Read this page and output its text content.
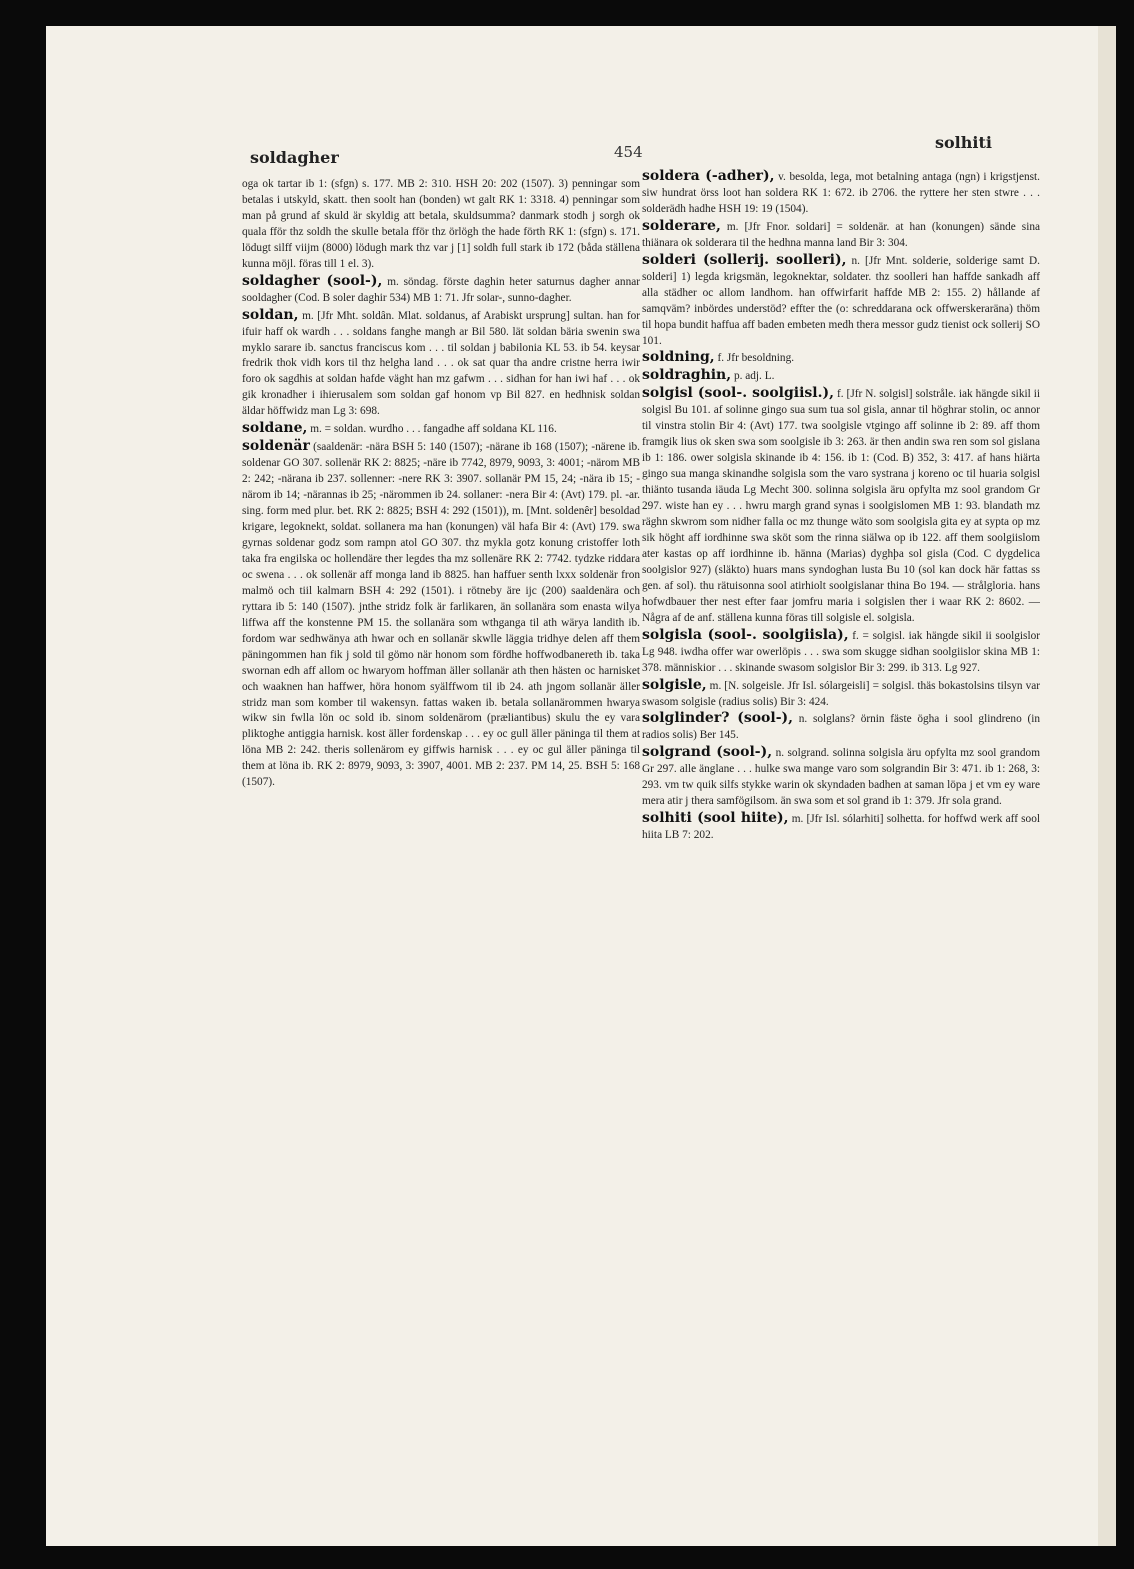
soldagher	454	solhiti

oga ok tartar ib 1: (sfgn) s. 177. MB 2: 310. HSH 20: 202 (1507). 3) penningar som betalas i utskyld, skatt. then soolt han (bonden) wt galt RK 1: 3318. 4) penningar som man på grund af skuld är skyldig att betala, skuldsumma? danmark stodh j sorgh ok quala fför thz soldh the skulle betala fför thz örlögh the hade förth RK 1: (sfgn) s. 171. lödugt silff viijm (8000) lödugh mark thz var j [1] soldh full stark ib 172 (båda ställena kunna möjl. föras till 1 el. 3).

soldagher (sool-), m. söndag. förste daghin heter saturnus dagher annar sooldagher (Cod. B soler daghir 534) MB 1: 71. Jfr solar-, sunno-dagher.

soldan, m. [Jfr Mht. soldân. Mlat. soldanus, af Arabiskt ursprung] sultan. han for ifuir haff ok wardh . . . soldans fanghe mangh ar Bil 580. lät soldan bäria swenin swa myklo sarare ib. sanctus franciscus kom . . . til soldan j babilonia KL 53. ib 54. keysar fredrik thok vidh kors til thz helgha land . . . ok sat quar tha andre cristne herra iwir foro ok sagdhis at soldan hafde väght han mz gafwm . . . sidhan for han iwi haf . . . ok gik kronadher i ihierusalem som soldan gaf honom vp Bil 827. en hedhnisk soldan äldar höffwidz man Lg 3: 698.

soldane, m. = soldan. wurdho . . . fangadhe aff soldana KL 116.

soldenär (saaldenär: -nära BSH 5: 140 (1507); -närane ib 168 (1507); -närene ib. soldenar GO 307. sollenär RK 2: 8825; -näre ib 7742, 8979, 9093, 3: 4001; -närom MB 2: 242; -närana ib 237. sollenner: -nere RK 3: 3907. sollanär PM 15, 24; -nära ib 15; -närom ib 14; -närannas ib 25; -närommen ib 24. sollaner: -nera Bir 4: (Avt) 179. pl. -ar. sing. form med plur. bet. RK 2: 8825; BSH 4: 292 (1501)), m. [Mnt. soldenêr] besoldad krigare, legoknekt, soldat. sollanera ma han (konungen) väl hafa Bir 4: (Avt) 179. swa gyrnas soldenar godz som rampn atol GO 307. thz mykla gotz konung cristoffer loth taka fra engilska oc hollendäre ther legdes tha mz sollenäre RK 2: 7742. tydzke riddara oc swena . . . ok sollenär aff monga land ib 8825. han haffuer senth lxxx soldenär fron malmö och tiil kalmarn BSH 4: 292 (1501). i rötneby äre ijc (200) saaldenära och ryttara ib 5: 140 (1507). jnthe stridz folk är farlikaren, än sollanära som enasta wilya liffwa aff the konstenne PM 15. the sollanära som wthganga til ath wärya landith ib. fordom war sedhwänya ath hwar och en sollanär skwlle läggia tridhye delen aff them päningommen han fik j sold til gömo när honom som fördhe hoffwodbanereth ib. taka swornan edh aff allom oc hwaryom hoffman äller sollanär ath then hästen oc harnisket och waaknen han haffwer, höra honom syälffwom til ib 24. ath jngom sollanär äller stridz man som komber til wakensyn. fattas waken ib. betala sollanärommen hwarya wikw sin fwlla lön oc sold ib. sinom soldenärom (præliantibus) skulu the ey vara pliktoghe antiggia harnisk. kost äller fordenskap . . . ey oc gull äller päninga til them at löna MB 2: 242. theris sollenärom ey giffwis harnisk . . . ey oc gul äller päninga til them at löna ib. RK 2: 8979, 9093, 3: 3907, 4001. MB 2: 237. PM 14, 25. BSH 5: 168 (1507).

soldera (-adher), v. besolda, lega, mot betalning antaga (ngn) i krigstjenst. siw hundrat örss loot han soldera RK 1: 672. ib 2706. the ryttere her sten stwre . . . solderädh hadhe HSH 19: 19 (1504).

solderare, m. [Jfr Fnor. soldari] = soldenär. at han (konungen) sände sina thiänara ok solderara til the hedhna manna land Bir 3: 304.

solderi (sollerij. soolleri), n. [Jfr Mnt. solderie, solderige samt D. solderi] 1) legda krigsmän, legoknektar, soldater. thz soolleri han haffde sankadh aff alla städher oc allom landhom. han offwirfarit haffde MB 2: 155. 2) hållande af samqväm? inbördes understöd? effter the (o: schreddarana ock offwerskeraräna) thöm til hopa bundit haffua aff baden embeten medh thera messor gudz tienist ock sollerij SO 101.

soldning, f. Jfr besoldning.

soldraghin, p. adj. L.

solgisl (sool-. soolgiisl.), f. [Jfr N. solgisl] solstråle. iak hängde sikil ii solgisl Bu 101. af solinne gingo sua sum tua sol gisla, annar til höghrar stolin, oc annor til vinstra stolin Bir 4: (Avt) 177. twa soolgisle vtgingo aff solinne ib 2: 89. aff thom framgik lius ok sken swa som soolgisle ib 3: 263. är then andin swa ren som sol gislana ib 1: 186. ower solgisla skinande ib 4: 156. ib 1: (Cod. B) 352, 3: 417. af hans hiärta gingo sua manga skinandhe solgisla som the varo systrana j koreno oc til huaria solgisl thiänto tusanda iäuda Lg Mecht 300. solinna solgisla äru opfylta mz sool grandom Gr 297. wiste han ey . . . hwru margh grand synas i soolgislomen MB 1: 93. blandath mz räghn skwrom som nidher falla oc mz thunge wäto som soolgisla gita ey at sypta op mz sik höght aff iordhinne swa sköt som the rinna siälwa op ib 122. aff them soolgiislom ater kastas op aff iordhinne ib. hänna (Marias) dyghþa sol gisla (Cod. C dygdelica soolgislor 927) (släkto) huars mans syndoghan lusta Bu 10 (sol kan dock här fattas ss gen. af sol). thu rätuisonna sool atirhiolt soolgislanar thina Bo 194. — strålgloria. hans hofwdbauer ther nest efter faar jomfru maria i solgislen ther i waar RK 2: 8602. — Några af de anf. ställena kunna föras till solgisle el. solgisla.

solgisla (sool-. soolgiisla), f. = solgisl. iak hängde sikil ii soolgislor Lg 948. iwdha offer war owerlöpis . . . swa som skugge sidhan soolgiislor skina MB 1: 378. människior . . . skinande swasom solgislor Bir 3: 299. ib 313. Lg 927.

solgisle, m. [N. solgeisle. Jfr Isl. sólargeisli] = solgisl. thäs bokastolsins tilsyn var swasom solgisle (radius solis) Bir 3: 424.

solglinder? (sool-), n. solglans? örnin fäste ögha i sool glindreno (in radios solis) Ber 145.

solgrand (sool-), n. solgrand. solinna solgisla äru opfylta mz sool grandom Gr 297. alle änglane . . . hulke swa mange varo som solgrandin Bir 3: 471. ib 1: 268, 3: 293. vm tw quik silfs stykke warin ok skyndaden badhen at saman löpa j et vm ey ware mera atir j thera samfögilsom. än swa som et sol grand ib 1: 379. Jfr sola grand.

solhiti (sool hiite), m. [Jfr Isl. sólarhiti] solhetta. for hoffwd werk aff sool hiita LB 7: 202.
